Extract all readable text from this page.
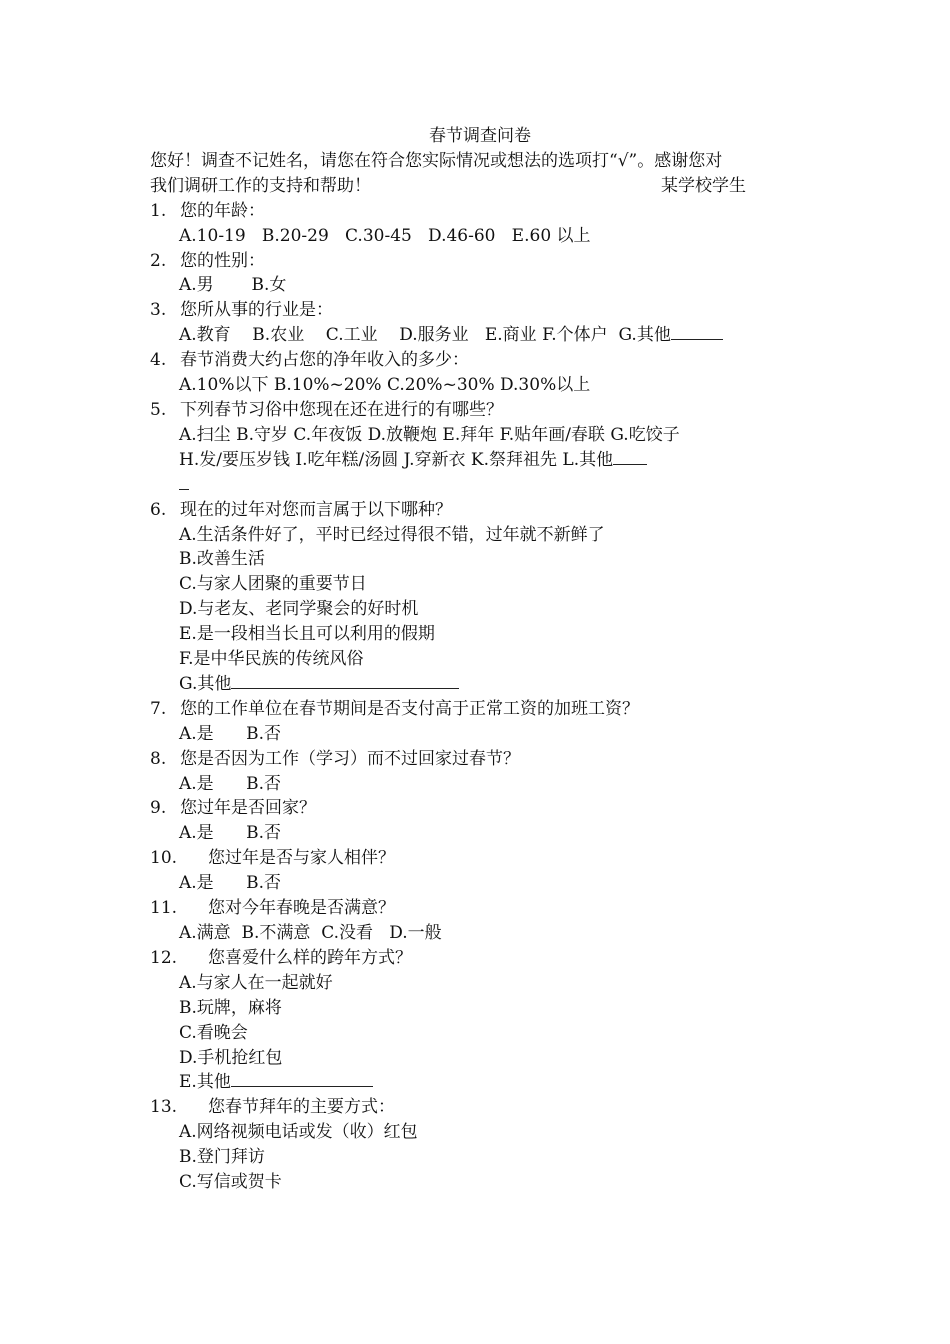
春节调查问卷
您好！调查不记姓名，请您在符合您实际情况或想法的选项打“√”。感谢您对
我们调研工作的支持和帮助！	某学校学生
1. 您的年龄：
A.10-19   B.20-29   C.30-45   D.46-60   E.60 以上
2. 您的性别：
A.男       B.女
3. 您所从事的行业是：
A.教育    B.农业    C.工业    D.服务业   E.商业 F.个体户  G.其他
4. 春节消费大约占您的净年收入的多少：
A.10%以下 B.10%~20% C.20%~30% D.30%以上
5. 下列春节习俗中您现在还在进行的有哪些？
A.扫尘 B.守岁 C.年夜饭 D.放鞭炮 E.拜年 F.贴年画/春联 G.吃饺子
H.发/要压岁钱 I.吃年糕/汤圆 J.穿新衣 K.祭拜祖先 L.其他

6. 现在的过年对您而言属于以下哪种？
A.生活条件好了，平时已经过得很不错，过年就不新鲜了
B.改善生活
C.与家人团聚的重要节日
D.与老友、老同学聚会的好时机
E.是一段相当长且可以利用的假期
F.是中华民族的传统风俗
G.其他
7. 您的工作单位在春节期间是否支付高于正常工资的加班工资？
A.是      B.否
8. 您是否因为工作（学习）而不过回家过春节？
A.是      B.否
9. 您过年是否回家？
A.是      B.否
10.	您过年是否与家人相伴？
A.是      B.否
11.	您对今年春晚是否满意？
A.满意  B.不满意  C.没看   D.一般
12.	您喜爱什么样的跨年方式？
A.与家人在一起就好
B.玩牌，麻将
C.看晚会
D.手机抢红包
E.其他
13.	您春节拜年的主要方式：
A.网络视频电话或发（收）红包
B.登门拜访
C.写信或贺卡
